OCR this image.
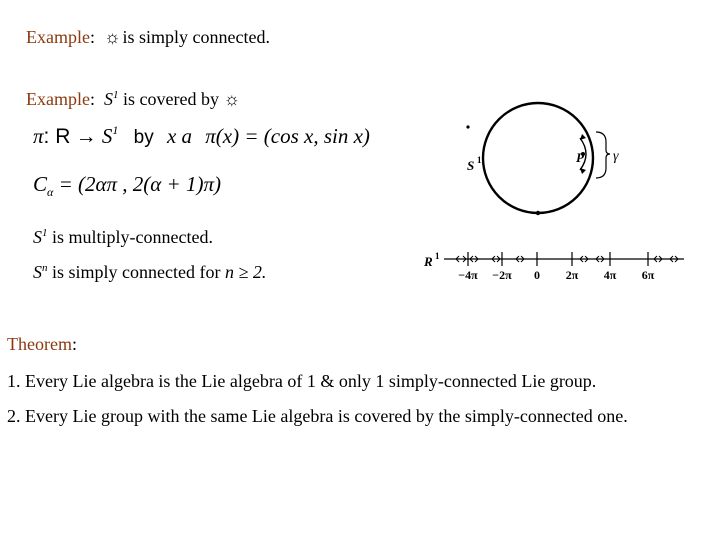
Example: ☼ is simply connected.
Example: $S^1$ is covered by ☼
π: $R \to S^1$ by x a π(x) = (cos x, sin x)
$C_\alpha = (2\alpha\pi$ , 2(α + 1)π)
$S^1$ is multiply-connected.
$S^n$ is simply connected for n ≥ 2.
Theorem:
1. Every Lie algebra is the Lie algebra of 1 & only 1 simply-connected Lie group.
2. Every Lie group with the same Lie algebra is covered by the simply-connected one.
S 1	P γ
R 1
−4π −2π 0 2π 4π 6π
